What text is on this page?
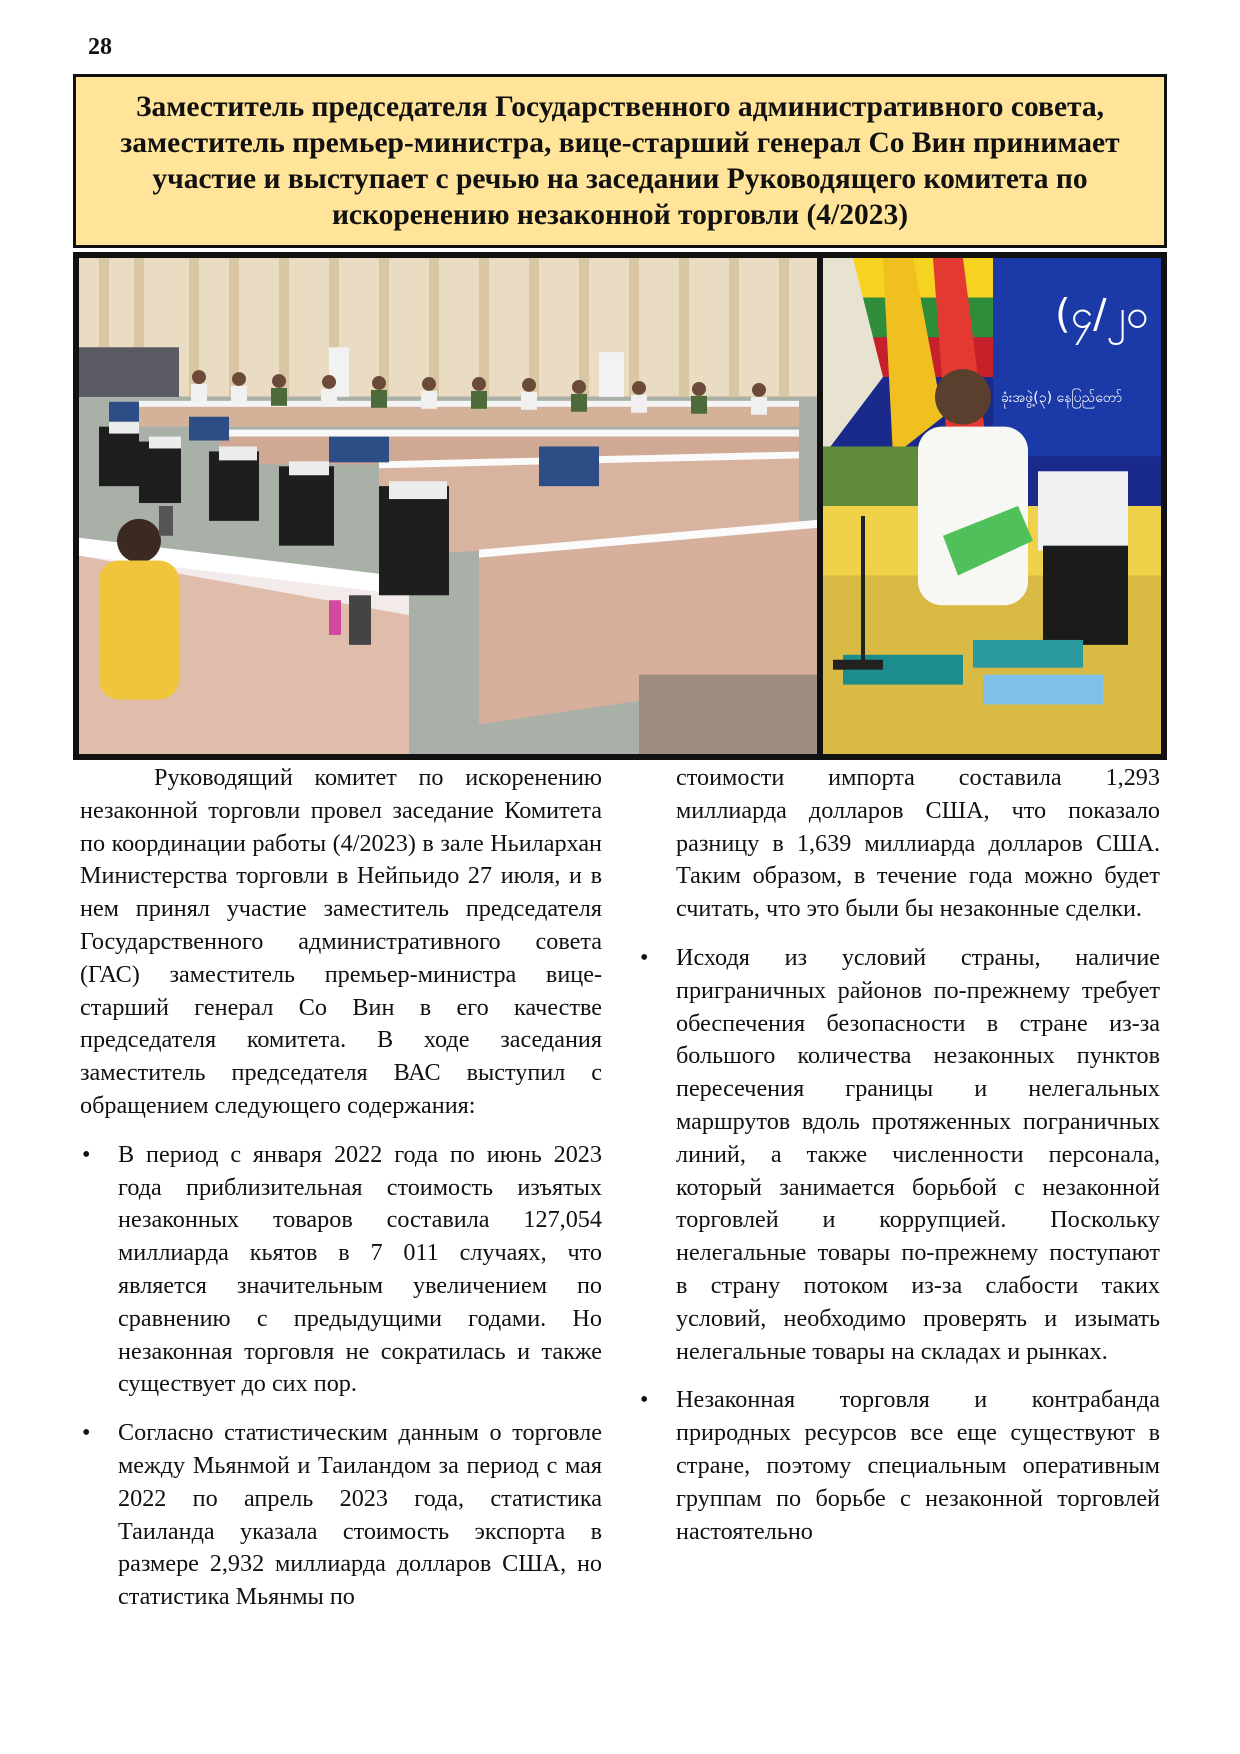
28
Заместитель председателя Государственного административного совета, заместитель премьер-министра, вице-старший генерал Со Вин принимает участие и выступает с речью на заседании Руководящего комитета по искоренению незаконной торговли (4/2023)
(၄/၂၀
ခုံးအဖွဲ့(၃) နေပြည်တော်

Руководящий комитет по искоренению незаконной торговли провел заседание Комитета по координации работы (4/2023) в зале Ньилархан Министерства торговли в Нейпьидо 27 июля, и в нем принял участие заместитель председателя Государственного административного совета (ГАС) заместитель премьер-министра вице-старший генерал Со Вин в его качестве председателя комитета. В ходе заседания заместитель председателя ВАС выступил с обращением следующего содержания:

• В период с января 2022 года по июнь 2023 года приблизительная стоимость изъятых незаконных товаров составила 127,054 миллиарда кьятов в 7 011 случаях, что является значительным увеличением по сравнению с предыдущими годами. Но незаконная торговля не сократилась и также существует до сих пор.
• Согласно статистическим данным о торговле между Мьянмой и Таиландом за период с мая 2022 по апрель 2023 года, статистика Таиланда указала стоимость экспорта в размере 2,932 миллиарда долларов США, но статистика Мьянмы по

стоимости импорта составила 1,293 миллиарда долларов США, что показало разницу в 1,639 миллиарда долларов США. Таким образом, в течение года можно будет считать, что это были бы незаконные сделки.

• Исходя из условий страны, наличие приграничных районов по-прежнему требует обеспечения безопасности в стране из-за большого количества незаконных пунктов пересечения границы и нелегальных маршрутов вдоль протяженных пограничных линий, а также численности персонала, который занимается борьбой с незаконной торговлей и коррупцией. Поскольку нелегальные товары по-прежнему поступают в страну потоком из-за слабости таких условий, необходимо проверять и изымать нелегальные товары на складах и рынках.
• Незаконная торговля и контрабанда природных ресурсов все еще существуют в стране, поэтому специальным оперативным группам по борьбе с незаконной торговлей настоятельно
